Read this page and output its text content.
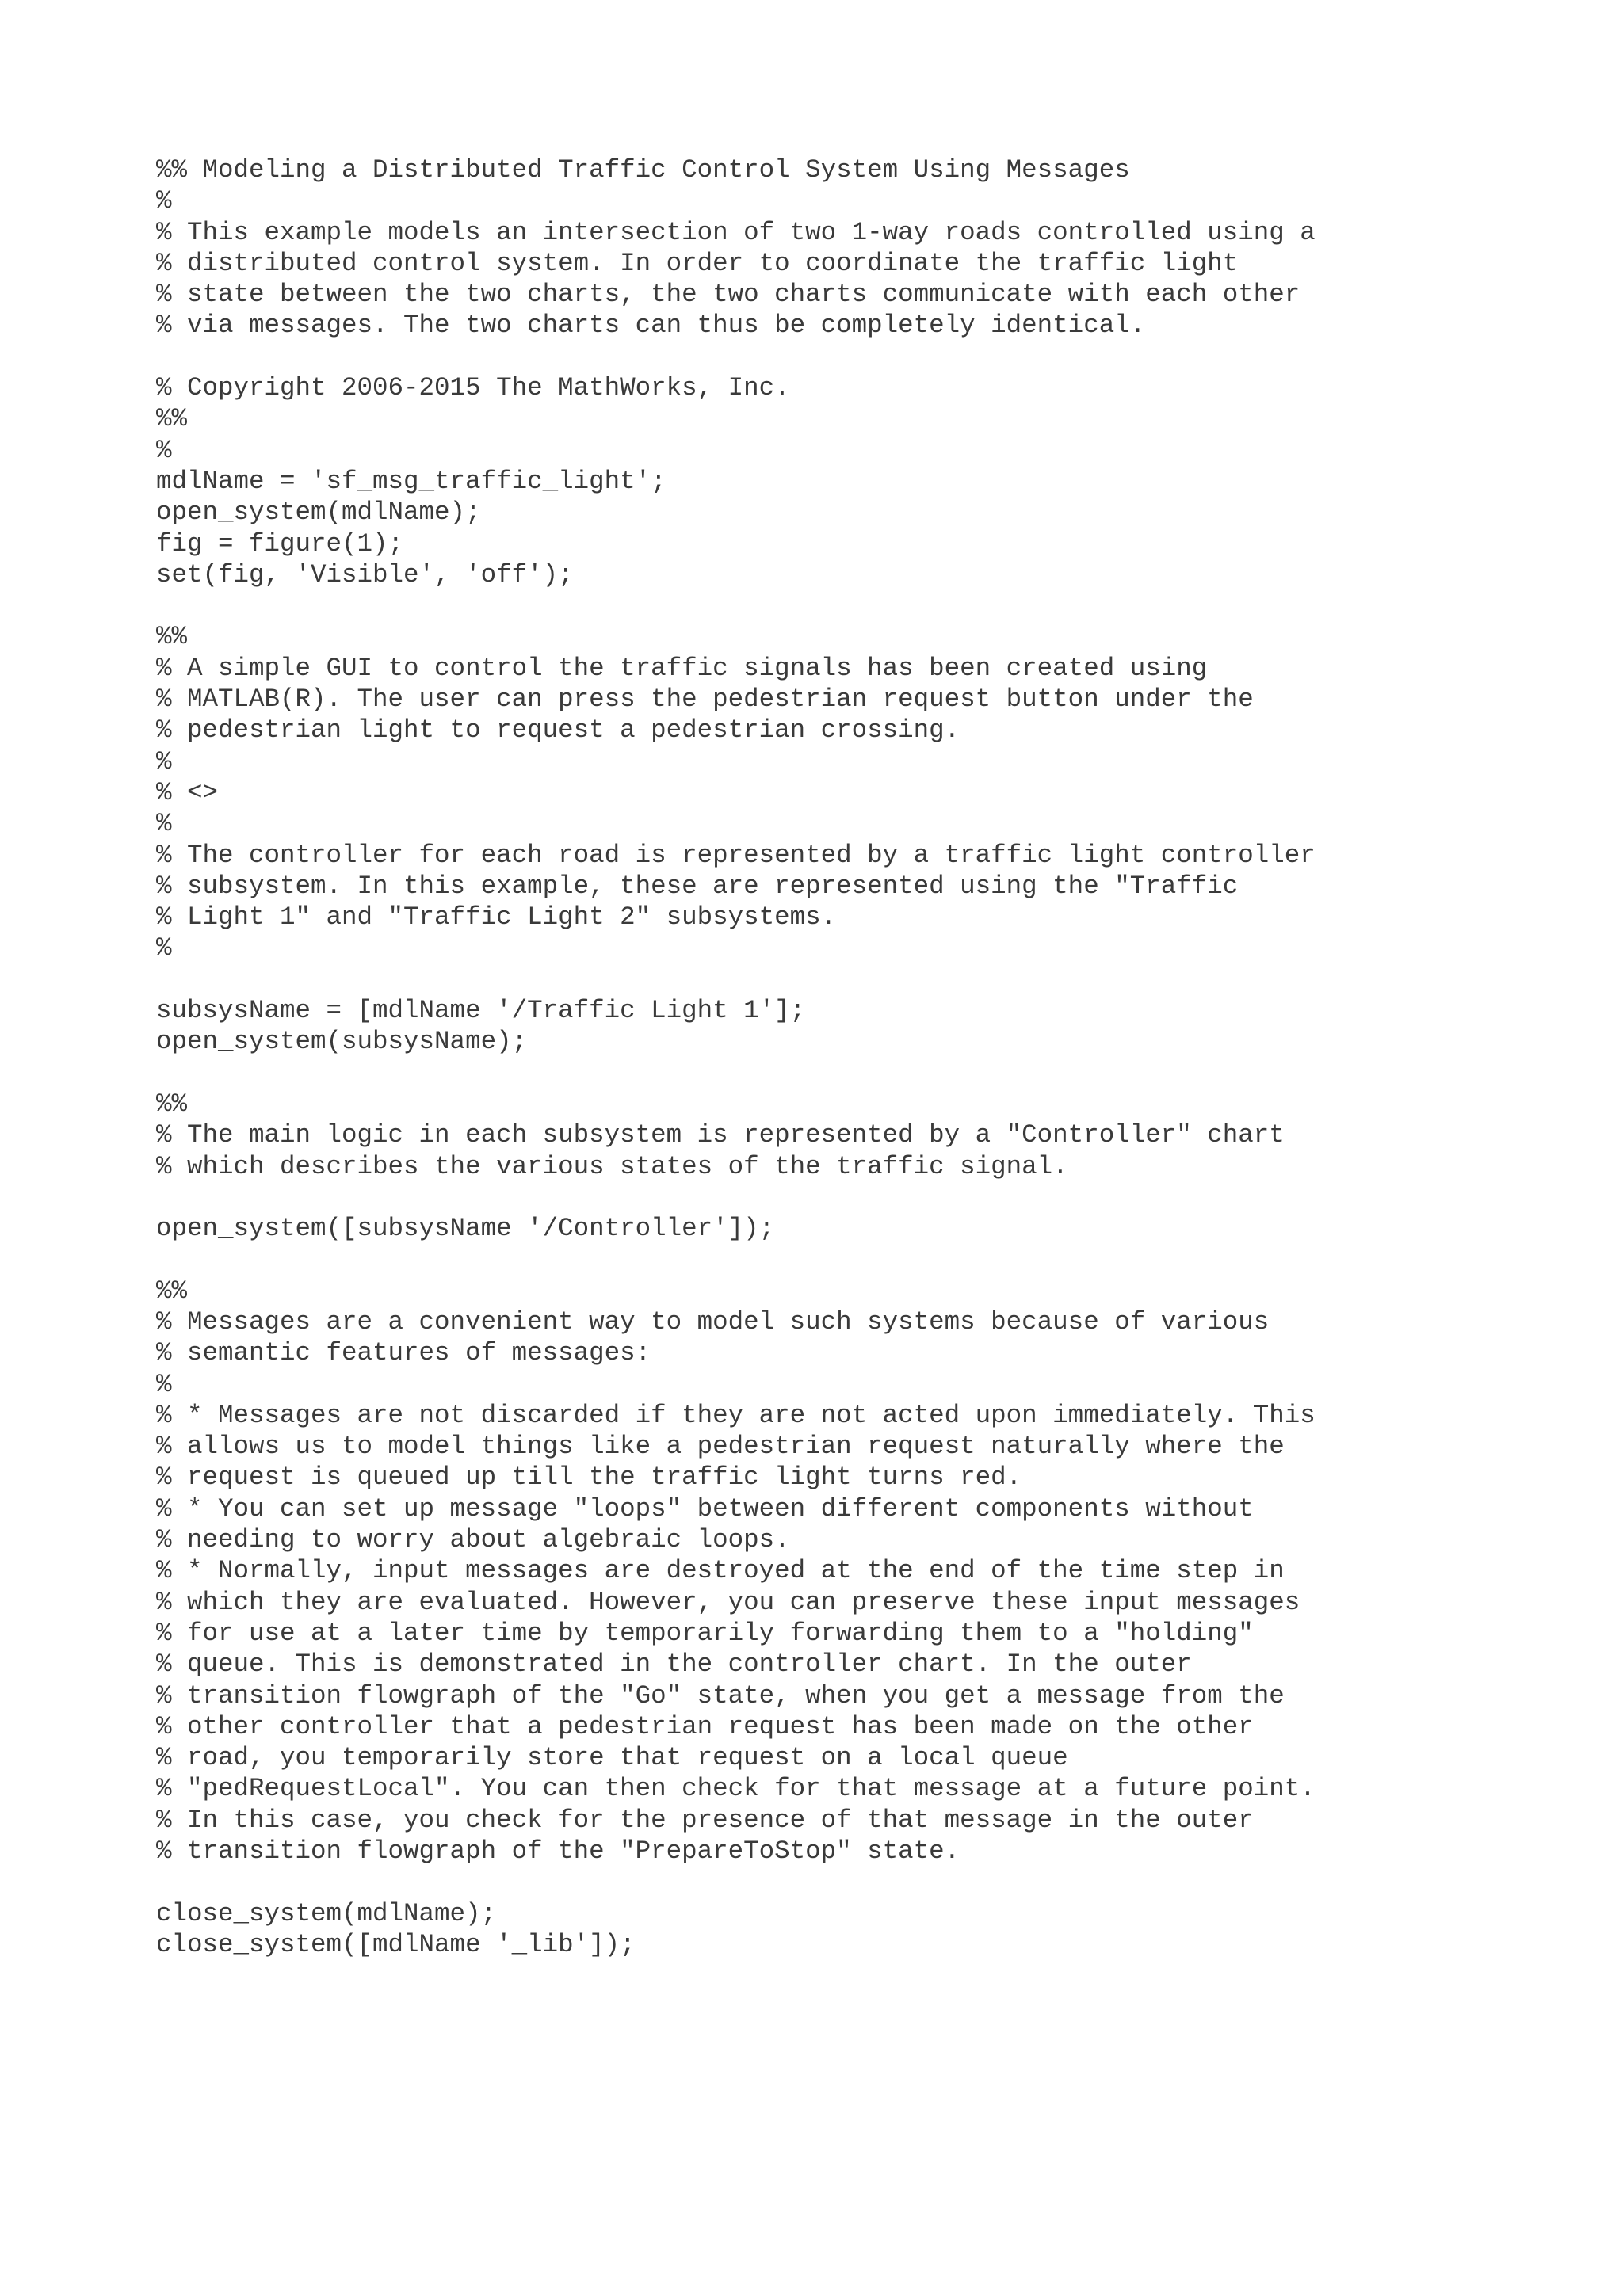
%% Modeling a Distributed Traffic Control System Using Messages
%
% This example models an intersection of two 1-way roads controlled using a
% distributed control system. In order to coordinate the traffic light
% state between the two charts, the two charts communicate with each other
% via messages. The two charts can thus be completely identical.
% Copyright 2006-2015 The MathWorks, Inc.
%%
%
mdlName = 'sf_msg_traffic_light';
open_system(mdlName);
fig = figure(1);
set(fig, 'Visible', 'off');
%%
% A simple GUI to control the traffic signals has been created using
% MATLAB(R). The user can press the pedestrian request button under the
% pedestrian light to request a pedestrian crossing.
%
% <>
%
% The controller for each road is represented by a traffic light controller
% subsystem. In this example, these are represented using the "Traffic
% Light 1" and "Traffic Light 2" subsystems.
%
subsysName = [mdlName '/Traffic Light 1'];
open_system(subsysName);
%%
% The main logic in each subsystem is represented by a "Controller" chart
% which describes the various states of the traffic signal.
open_system([subsysName '/Controller']);
%%
% Messages are a convenient way to model such systems because of various
% semantic features of messages:
%
% * Messages are not discarded if they are not acted upon immediately. This
% allows us to model things like a pedestrian request naturally where the
% request is queued up till the traffic light turns red.
% * You can set up message "loops" between different components without
% needing to worry about algebraic loops.
% * Normally, input messages are destroyed at the end of the time step in
% which they are evaluated. However, you can preserve these input messages
% for use at a later time by temporarily forwarding them to a "holding"
% queue. This is demonstrated in the controller chart. In the outer
% transition flowgraph of the "Go" state, when you get a message from the
% other controller that a pedestrian request has been made on the other
% road, you temporarily store that request on a local queue
% "pedRequestLocal". You can then check for that message at a future point.
% In this case, you check for the presence of that message in the outer
% transition flowgraph of the "PrepareToStop" state.
close_system(mdlName);
close_system([mdlName '_lib']);
